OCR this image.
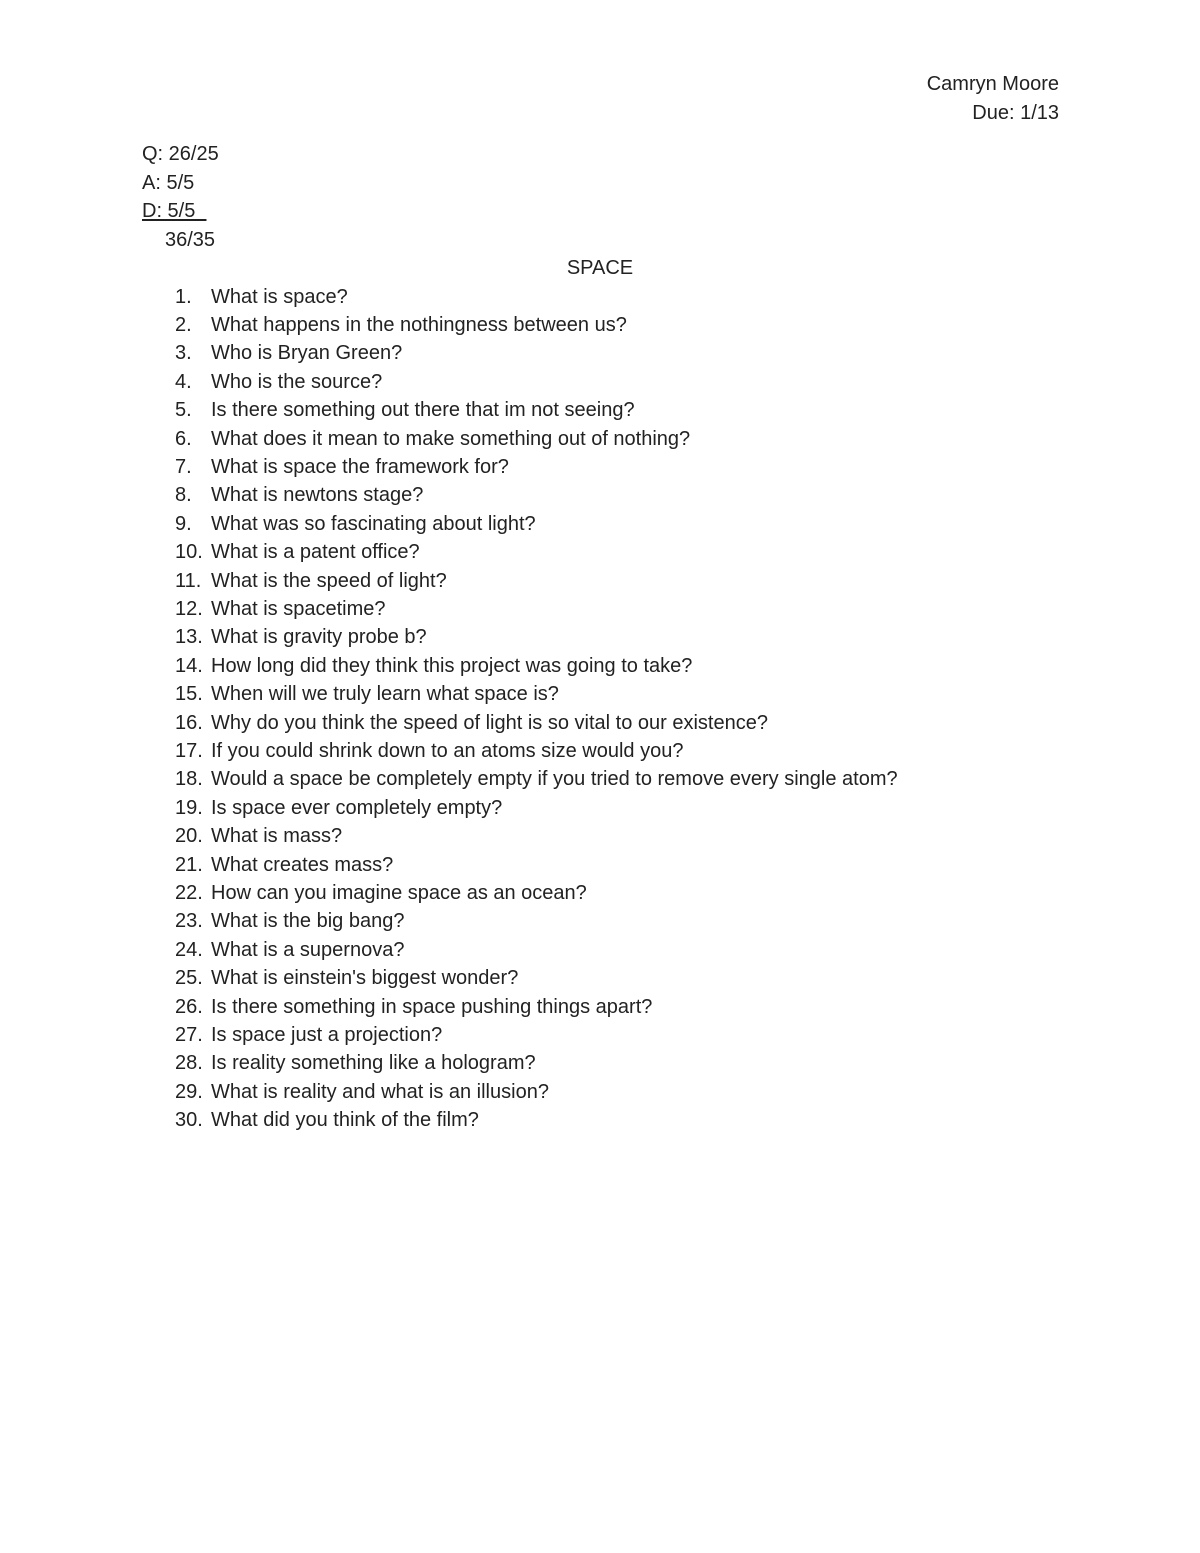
Camryn Moore
Due: 1/13
Q: 26/25
A: 5/5
D: 5/5
36/35
SPACE
1. What is space?
2. What happens in the nothingness between us?
3. Who is Bryan Green?
4. Who is the source?
5. Is there something out there that im not seeing?
6. What does it mean to make something out of nothing?
7. What is space the framework for?
8. What is newtons stage?
9. What was so fascinating about light?
10. What is a patent office?
11. What is the speed of light?
12. What is spacetime?
13. What is gravity probe b?
14. How long did they think this project was going to take?
15. When will we truly learn what space is?
16. Why do you think the speed of light is so vital to our existence?
17. If you could shrink down to an atoms size would you?
18. Would a space be completely empty if you tried to remove every single atom?
19. Is space ever completely empty?
20. What is mass?
21. What creates mass?
22. How can you imagine space as an ocean?
23. What is the big bang?
24. What is a supernova?
25. What is einstein's biggest wonder?
26. Is there something in space pushing things apart?
27. Is space just a projection?
28. Is reality something like a hologram?
29. What is reality and what is an illusion?
30. What did you think of the film?
